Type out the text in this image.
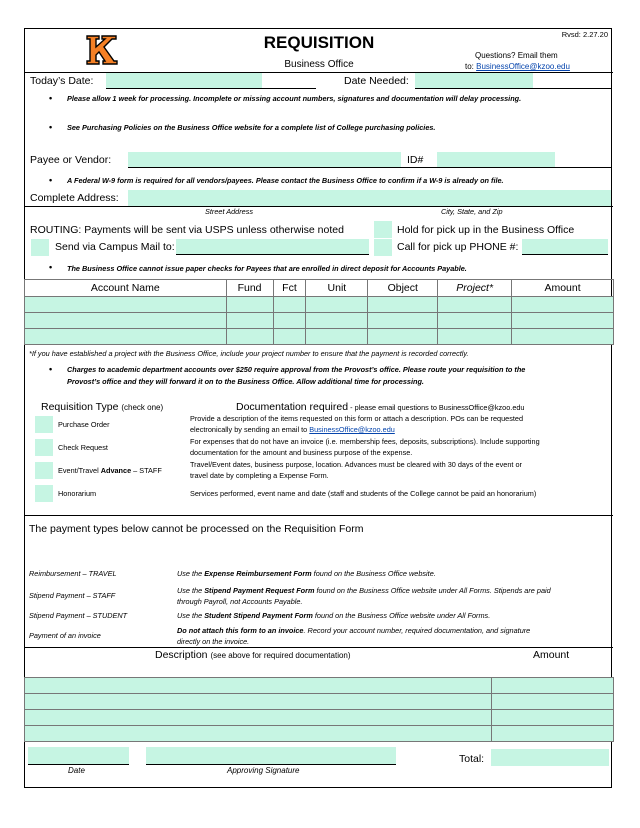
Rvsd: 2.27.20
REQUISITION
Business Office
Questions? Email them
to: BusinessOffice@kzoo.edu
Today’s Date:	Date Needed:
• Please allow 1 week for processing. Incomplete or missing account numbers, signatures and documentation will delay processing.
• See Purchasing Policies on the Business Office website for a complete list of College purchasing policies.
Payee or Vendor:	ID#
• A Federal W-9 form is required for all vendors/payees. Please contact the Business Office to confirm if a W-9 is already on file.
Complete Address:
Street Address	City, State, and Zip
ROUTING: Payments will be sent via USPS unless otherwise noted	Hold for pick up in the Business Office
Send via Campus Mail to:	Call for pick up PHONE #:
• The Business Office cannot issue paper checks for Payees that are enrolled in direct deposit for Accounts Payable.
Account Name	Fund	Fct	Unit	Object	Project*	Amount

*If you have established a project with the Business Office, include your project number to ensure that the payment is recorded correctly.
• Charges to academic department accounts over $250 require approval from the Provost’s office. Please route your requisition to the
Provost’s office and they will forward it on to the Business Office. Allow additional time for processing.
Requisition Type (check one)	Documentation required - please email questions to BusinessOffice@kzoo.edu
Purchase Order
Provide a description of the items requested on this form or attach a description. POs can be requested
electronically by sending an email to BusinessOffice@kzoo.edu
Check Request
For expenses that do not have an invoice (i.e. membership fees, deposits, subscriptions). Include supporting
documentation for the amount and business purpose of the expense.
Event/Travel Advance – STAFF
Travel/Event dates, business purpose, location. Advances must be cleared with 30 days of the event or
travel date by completing a Expense Form.
Honorarium	Services performed, event name and date (staff and students of the College cannot be paid an honorarium)
The payment types below cannot be processed on the Requisition Form
Reimbursement – TRAVEL	Use the Expense Reimbursement Form found on the Business Office website.
Stipend Payment – STAFF
Use the Stipend Payment Request Form found on the Business Office website under All Forms. Stipends are paid
through Payroll, not Accounts Payable.
Stipend Payment – STUDENT	Use the Student Stipend Payment Form found on the Business Office website under All Forms.
Payment of an invoice
Do not attach this form to an invoice. Record your account number, required documentation, and signature
directly on the invoice.
Description (see above for required documentation)	Amount

Total:
Date	Approving Signature
